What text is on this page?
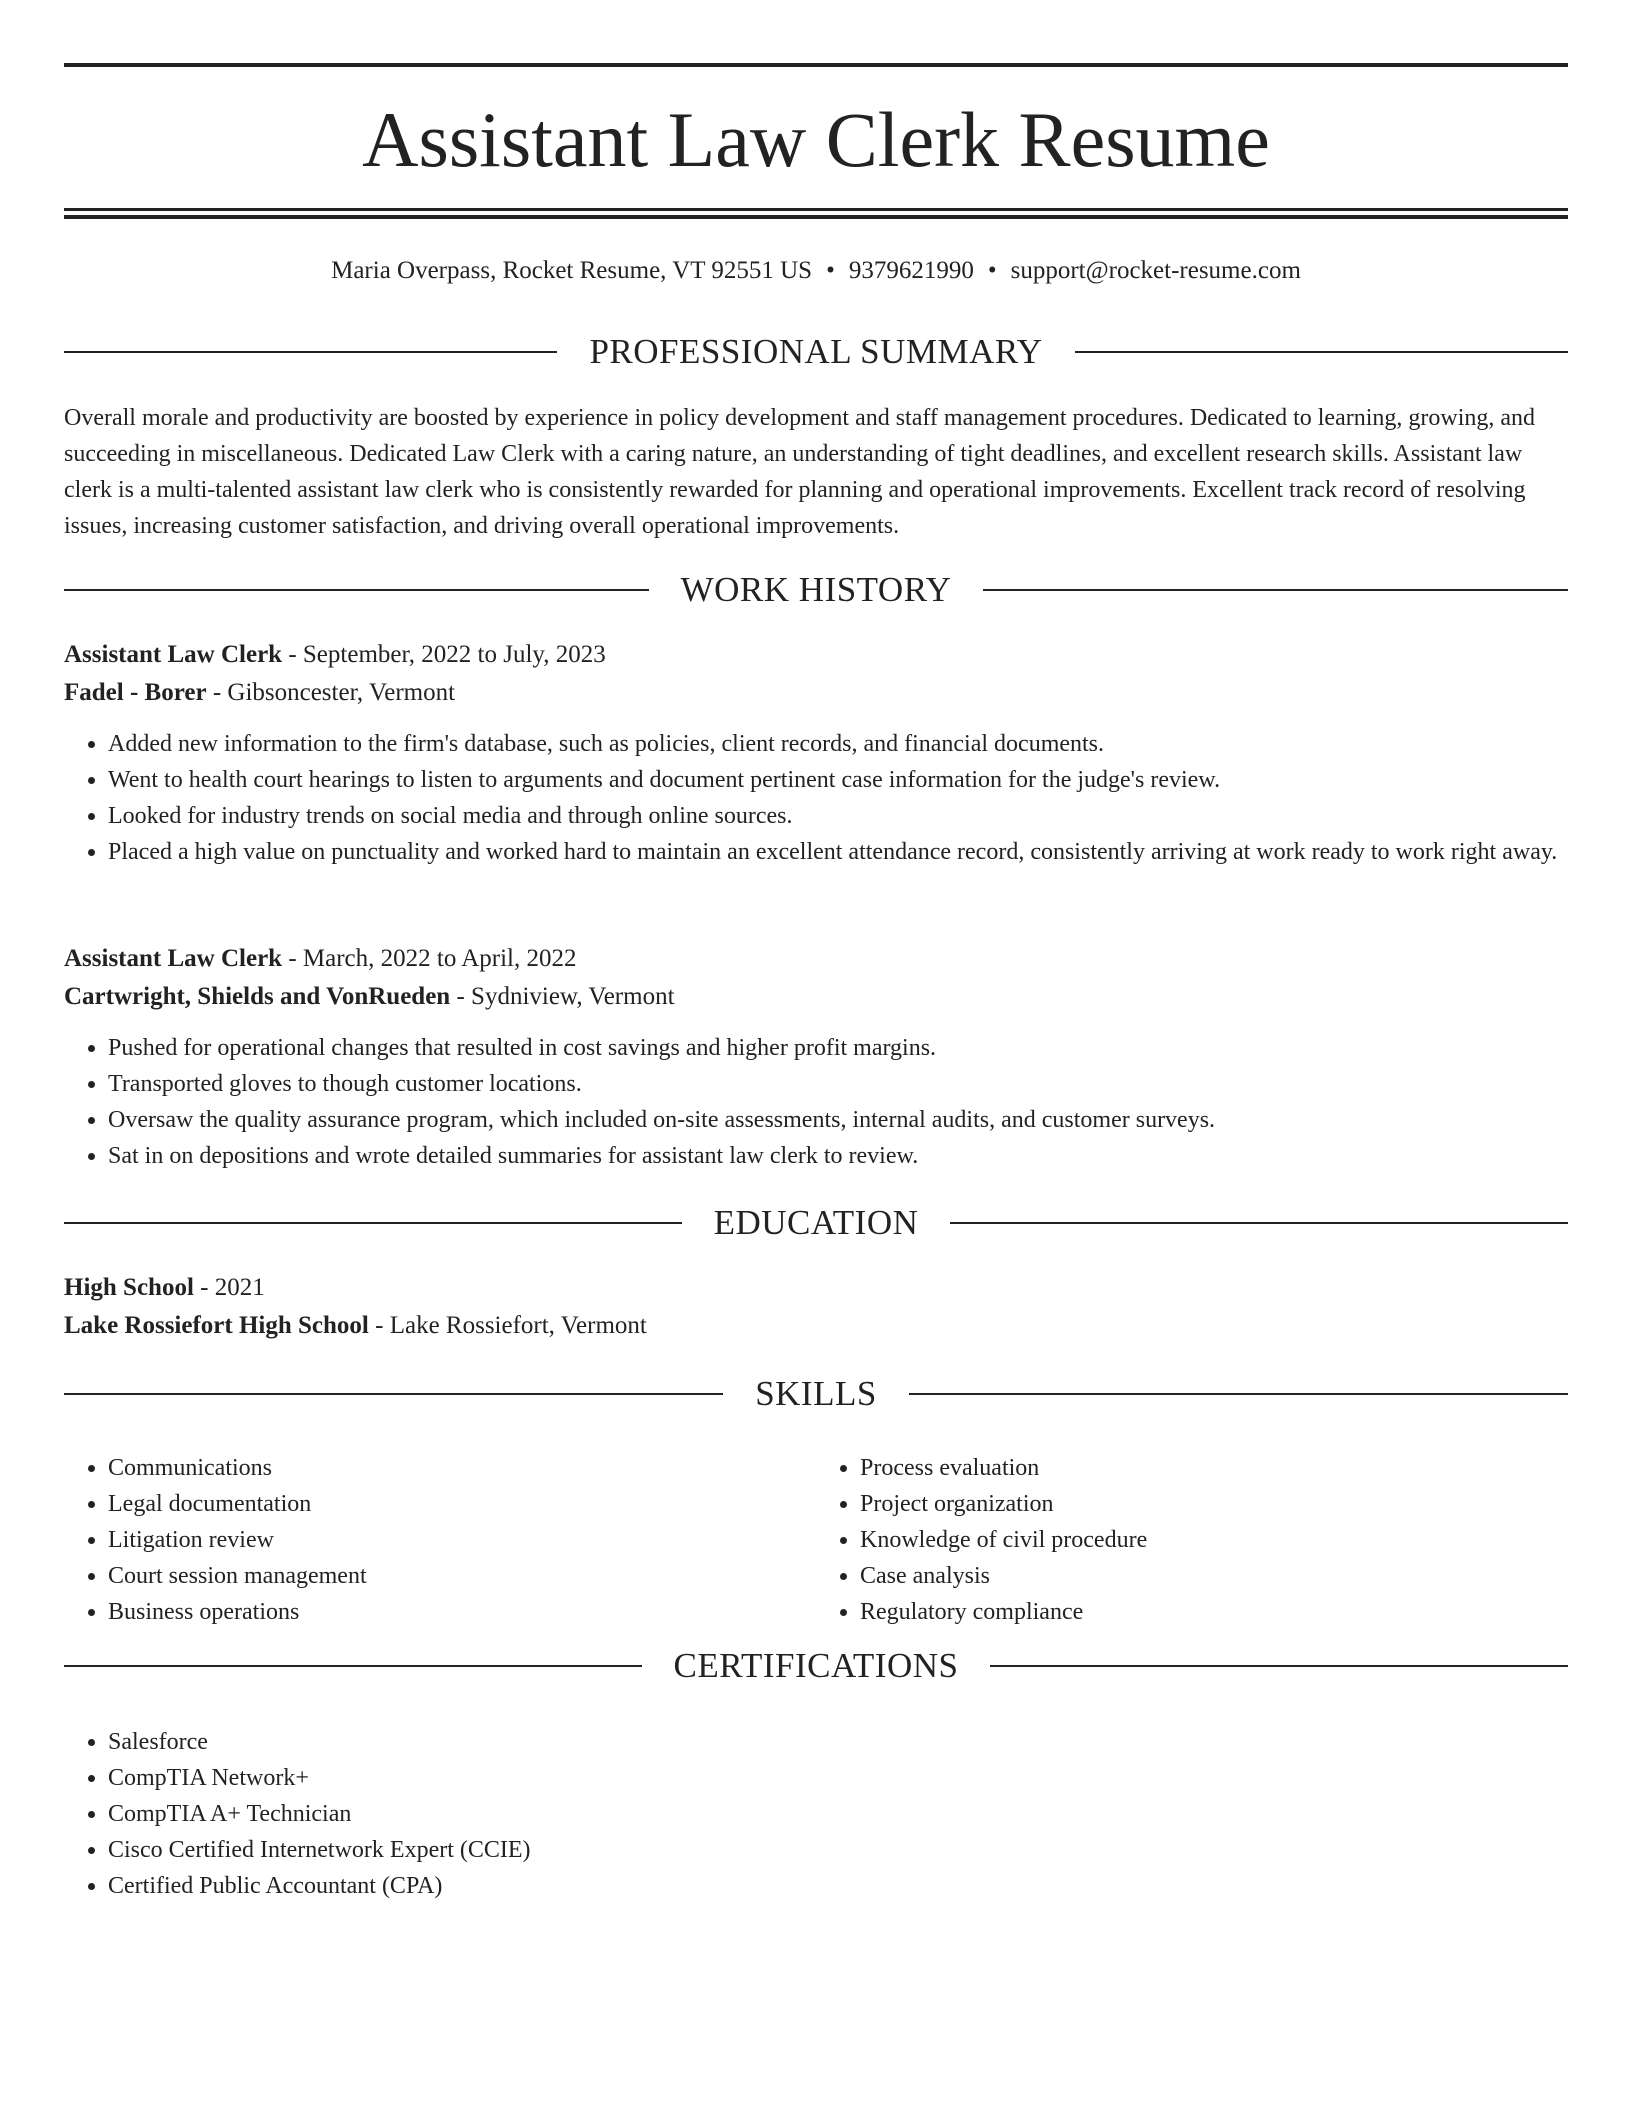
Assistant Law Clerk Resume
Maria Overpass, Rocket Resume, VT 92551 US • 9379621990 • support@rocket-resume.com
PROFESSIONAL SUMMARY

Overall morale and productivity are boosted by experience in policy development and staff management procedures. Dedicated to learning, growing, and succeeding in miscellaneous. Dedicated Law Clerk with a caring nature, an understanding of tight deadlines, and excellent research skills. Assistant law clerk is a multi-talented assistant law clerk who is consistently rewarded for planning and operational improvements. Excellent track record of resolving issues, increasing customer satisfaction, and driving overall operational improvements.

WORK HISTORY
Assistant Law Clerk - September, 2022 to July, 2023
Fadel - Borer - Gibsoncester, Vermont
• Added new information to the firm's database, such as policies, client records, and financial documents.
• Went to health court hearings to listen to arguments and document pertinent case information for the judge's review.
• Looked for industry trends on social media and through online sources.
• Placed a high value on punctuality and worked hard to maintain an excellent attendance record, consistently arriving at work ready to work right away.
Assistant Law Clerk - March, 2022 to April, 2022
Cartwright, Shields and VonRueden - Sydniview, Vermont
• Pushed for operational changes that resulted in cost savings and higher profit margins.
• Transported gloves to though customer locations.
• Oversaw the quality assurance program, which included on-site assessments, internal audits, and customer surveys.
• Sat in on depositions and wrote detailed summaries for assistant law clerk to review.
EDUCATION
High School - 2021
Lake Rossiefort High School - Lake Rossiefort, Vermont
SKILLS
• Communications
• Legal documentation
• Litigation review
• Court session management
• Business operations
• Process evaluation
• Project organization
• Knowledge of civil procedure
• Case analysis
• Regulatory compliance
CERTIFICATIONS
• Salesforce
• CompTIA Network+
• CompTIA A+ Technician
• Cisco Certified Internetwork Expert (CCIE)
• Certified Public Accountant (CPA)
